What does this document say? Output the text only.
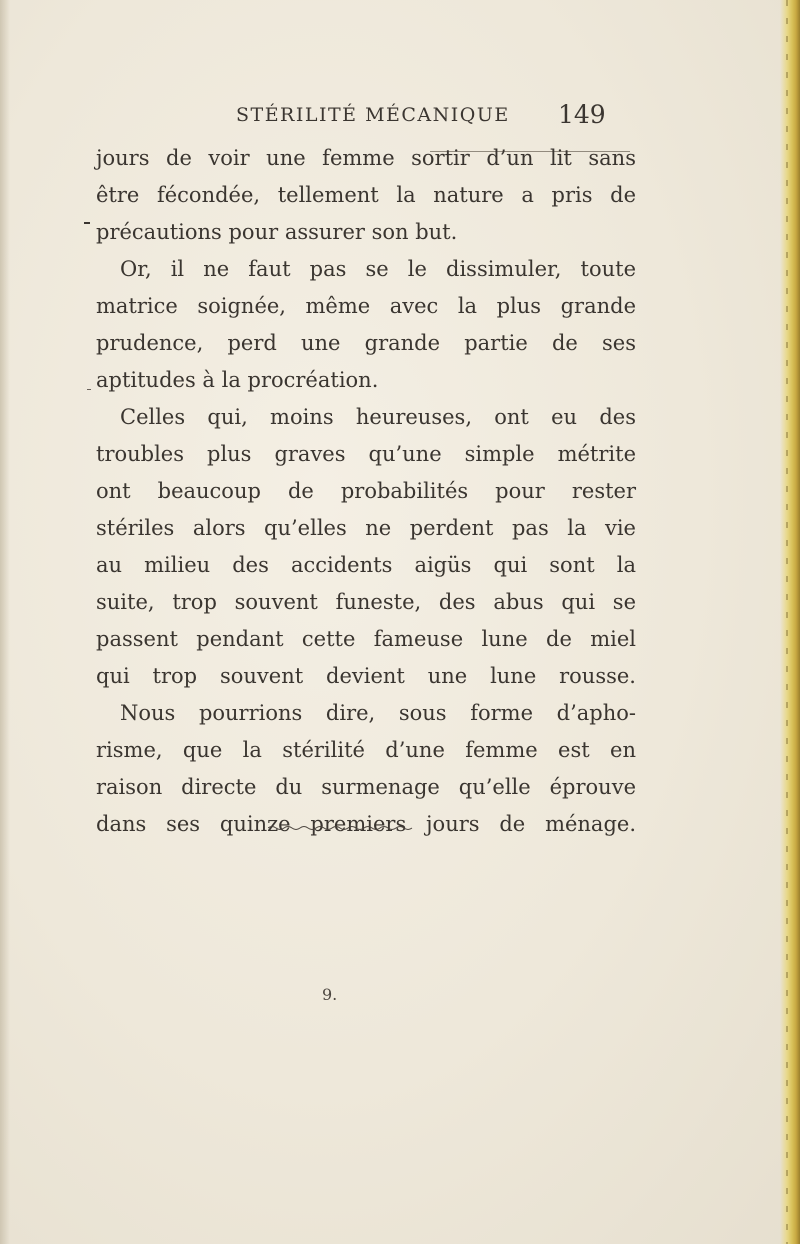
STÉRILITÉ MÉCANIQUE 149
jours de voir une femme sortir d’un lit sans
être fécondée, tellement la nature a pris de
précautions pour assurer son but.
Or, il ne faut pas se le dissimuler, toute
matrice soignée, même avec la plus grande
prudence, perd une grande partie de ses
aptitudes à la procréation.
Celles qui, moins heureuses, ont eu des
troubles plus graves qu’une simple métrite
ont beaucoup de probabilités pour rester
stériles alors qu’elles ne perdent pas la vie
au milieu des accidents aigüs qui sont la
suite, trop souvent funeste, des abus qui se
passent pendant cette fameuse lune de miel
qui trop souvent devient une lune rousse.
Nous pourrions dire, sous forme d’apho-
risme, que la stérilité d’une femme est en
raison directe du surmenage qu’elle éprouve
dans ses quinze premiers jours de ménage.
9.
